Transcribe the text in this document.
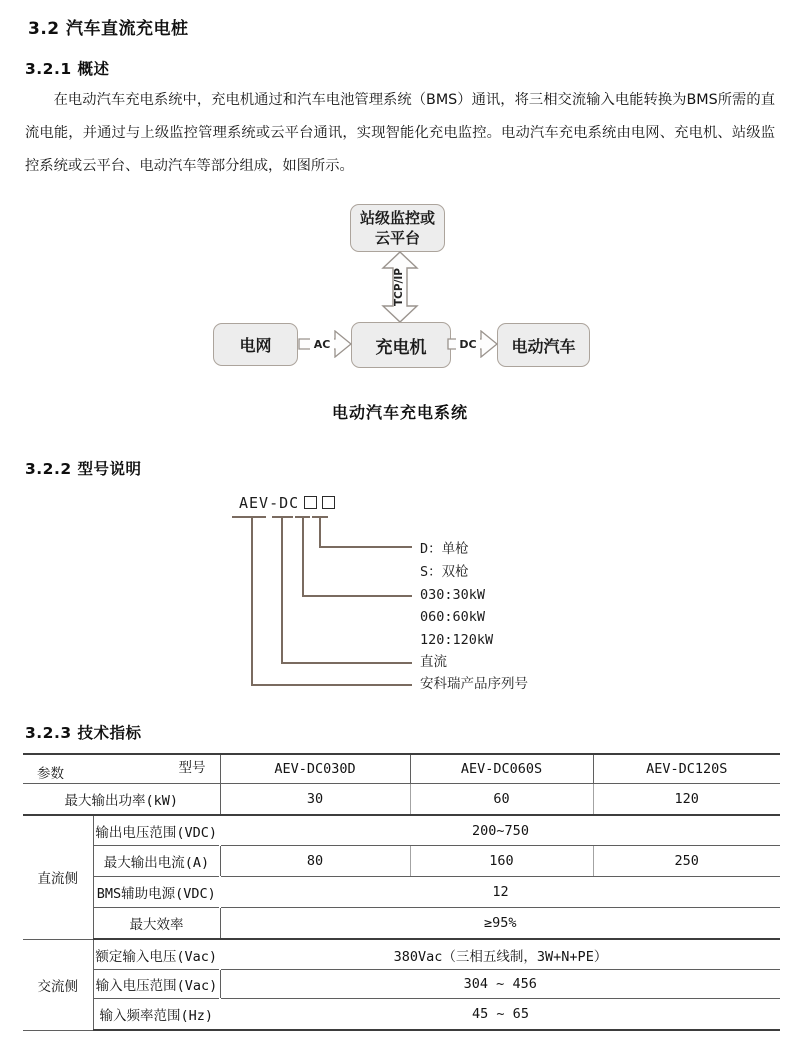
3.2 汽车直流充电桩
3.2.1 概述
在电动汽车充电系统中，充电机通过和汽车电池管理系统（BMS）通讯，将三相交流输入电能转换为BMS所需的直流电能，并通过与上级监控管理系统或云平台通讯，实现智能化充电监控。电动汽车充电系统由电网、充电机、站级监控系统或云平台、电动汽车等部分组成，如图所示。
站级监控或
云平台
TCP/IP
电网	充电机	电动汽车
AC	DC
电动汽车充电系统
3.2.2 型号说明
AEV-DC
D：单枪
S：双枪
030:30kW
060:60kW
120:120kW
直流
安科瑞产品序列号
3.2.3 技术指标
型号
参数		AEV-DC030D	AEV-DC060S	AEV-DC120S
最大输出功率(kW)		30	60	120
直流侧	输出电压范围(VDC)	200~750		
	最大输出电流(A)	80	160	250
	BMS辅助电源(VDC)	12		
	最大效率	≥95%		
交流侧	额定输入电压(Vac)	380Vac（三相五线制，3W+N+PE）		
	输入电压范围(Vac)	304 ~ 456		
	输入频率范围(Hz)	45 ~ 65		
